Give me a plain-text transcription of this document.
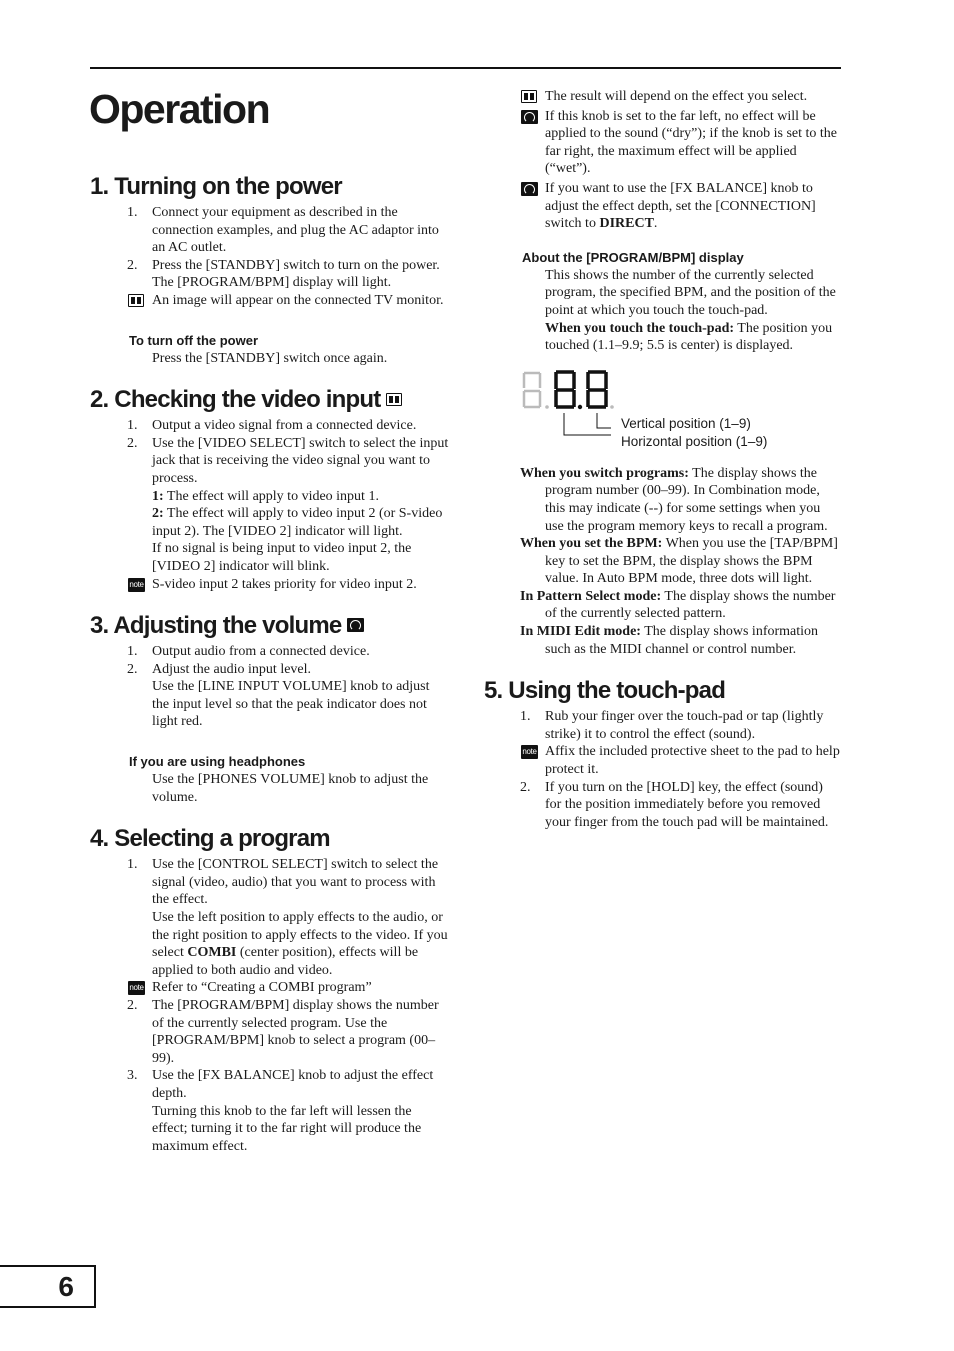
Operation
1. Turning on the power
1. Connect your equipment as described in the connection examples, and plug the AC adaptor into an AC outlet.
2. Press the [STANDBY] switch to turn on the power. The [PROGRAM/BPM] display will light.
An image will appear on the connected TV monitor.
To turn off the power
Press the [STANDBY] switch once again.
2. Checking the video input
1. Output a video signal from a connected device.
2. Use the [VIDEO SELECT] switch to select the input jack that is receiving the video signal you want to process.
1: The effect will apply to video input 1.
2: The effect will apply to video input 2 (or S-video input 2). The [VIDEO 2] indicator will light.
If no signal is being input to video input 2, the [VIDEO 2] indicator will blink.
note S-video input 2 takes priority for video input 2.
3. Adjusting the volume
1. Output audio from a connected device.
2. Adjust the audio input level.
Use the [LINE INPUT VOLUME] knob to adjust the input level so that the peak indicator does not light red.
If you are using headphones
Use the [PHONES VOLUME] knob to adjust the volume.
4. Selecting a program
1. Use the [CONTROL SELECT] switch to select the signal (video, audio) that you want to process with the effect.
Use the left position to apply effects to the audio, or the right position to apply effects to the video. If you select COMBI (center position), effects will be applied to both audio and video.
note Refer to “Creating a COMBI program”
2. The [PROGRAM/BPM] display shows the number of the currently selected program. Use the [PROGRAM/BPM] knob to select a program (00–99).
3. Use the [FX BALANCE] knob to adjust the effect depth.
Turning this knob to the far left will lessen the effect; turning it to the far right will produce the maximum effect.
The result will depend on the effect you select.
If this knob is set to the far left, no effect will be applied to the sound (“dry”); if the knob is set to the far right, the maximum effect will be applied (“wet”).
If you want to use the [FX BALANCE] knob to adjust the effect depth, set the [CONNECTION] switch to DIRECT.
About the [PROGRAM/BPM] display
This shows the number of the currently selected program, the specified BPM, and the position of the point at which you touch the touch-pad.
When you touch the touch-pad: The position you touched (1.1–9.9; 5.5 is center) is displayed.
Vertical position (1–9)
Horizontal position (1–9)
When you switch programs: The display shows the program number (00–99). In Combination mode, this may indicate (--) for some settings when you use the program memory keys to recall a program.
When you set the BPM: When you use the [TAP/BPM] key to set the BPM, the display shows the BPM value. In Auto BPM mode, three dots will light.
In Pattern Select mode: The display shows the number of the currently selected pattern.
In MIDI Edit mode: The display shows information such as the MIDI channel or control number.
5. Using the touch-pad
1. Rub your finger over the touch-pad or tap (lightly strike) it to control the effect (sound).
note Affix the included protective sheet to the pad to help protect it.
2. If you turn on the [HOLD] key, the effect (sound) for the position immediately before you removed your finger from the touch pad will be maintained.
6
